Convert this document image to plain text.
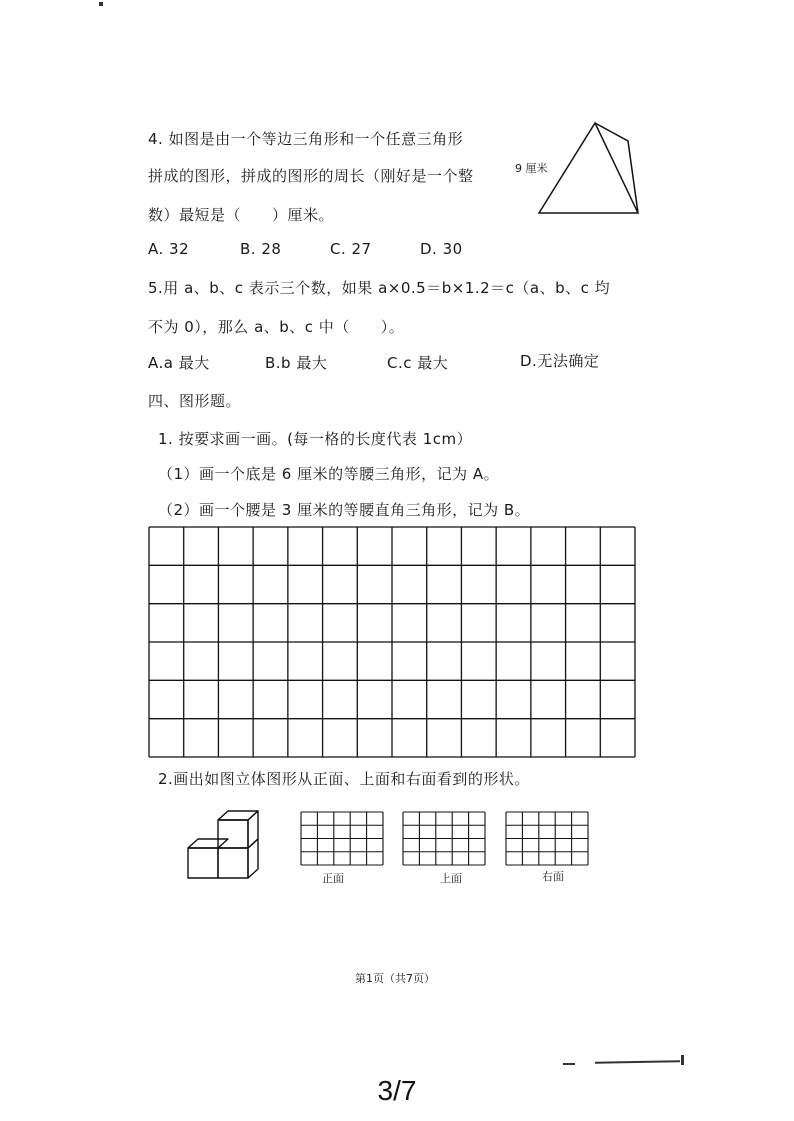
4. 如图是由一个等边三角形和一个任意三角形
拼成的图形，拼成的图形的周长（刚好是一个整
数）最短是（　　）厘米。
A. 32	B. 28	C. 27	D. 30
9 厘米
5.用 a、b、c 表示三个数，如果 a×0.5＝b×1.2＝c（a、b、c 均
不为 0），那么 a、b、c 中（　　）。
A.a 最大	B.b 最大	C.c 最大	D.无法确定
四、图形题。
1. 按要求画一画。(每一格的长度代表 1cm）
（1）画一个底是 6 厘米的等腰三角形，记为 A。
（2）画一个腰是 3 厘米的等腰直角三角形，记为 B。
2.画出如图立体图形从正面、上面和右面看到的形状。
正面	上面	右面
第1页（共7页）
3/7
